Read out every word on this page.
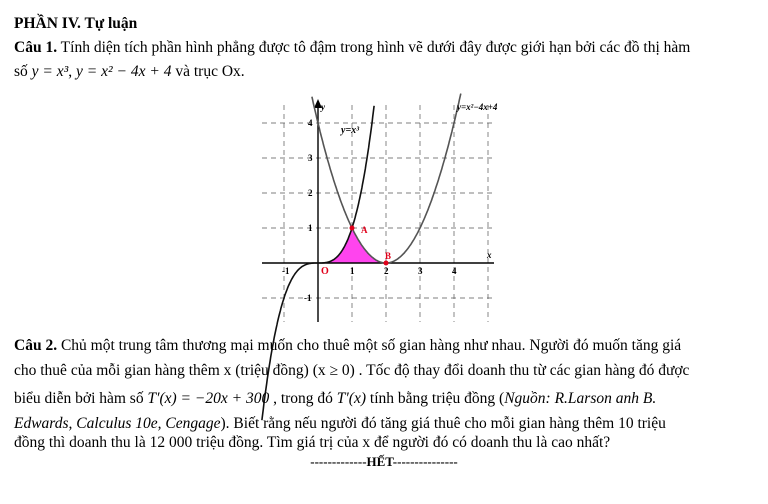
PHẦN IV. Tự luận
Câu 1. Tính diện tích phần hình phẳng được tô đậm trong hình vẽ dưới đây được giới hạn bởi các đồ thị hàm
số y = x³, y = x² − 4x + 4 và trục Ox.
y
x
4
3
2
1
-1
-1	1	2	3	4
O
A
B
y=x³
y=x²−4x+4
Câu 2. Chủ một trung tâm thương mại muốn cho thuê một số gian hàng như nhau. Người đó muốn tăng giá
cho thuê của mỗi gian hàng thêm x (triệu đồng) (x ≥ 0) . Tốc độ thay đổi doanh thu từ các gian hàng đó được
biểu diễn bởi hàm số T′(x) = −20x + 300 , trong đó T′(x) tính bằng triệu đồng (Nguồn: R.Larson anh B.
Edwards, Calculus 10e, Cengage). Biết rằng nếu người đó tăng giá thuê cho mỗi gian hàng thêm 10 triệu
đồng thì doanh thu là 12 000 triệu đồng. Tìm giá trị của x để người đó có doanh thu là cao nhất?
-------------HẾT---------------
